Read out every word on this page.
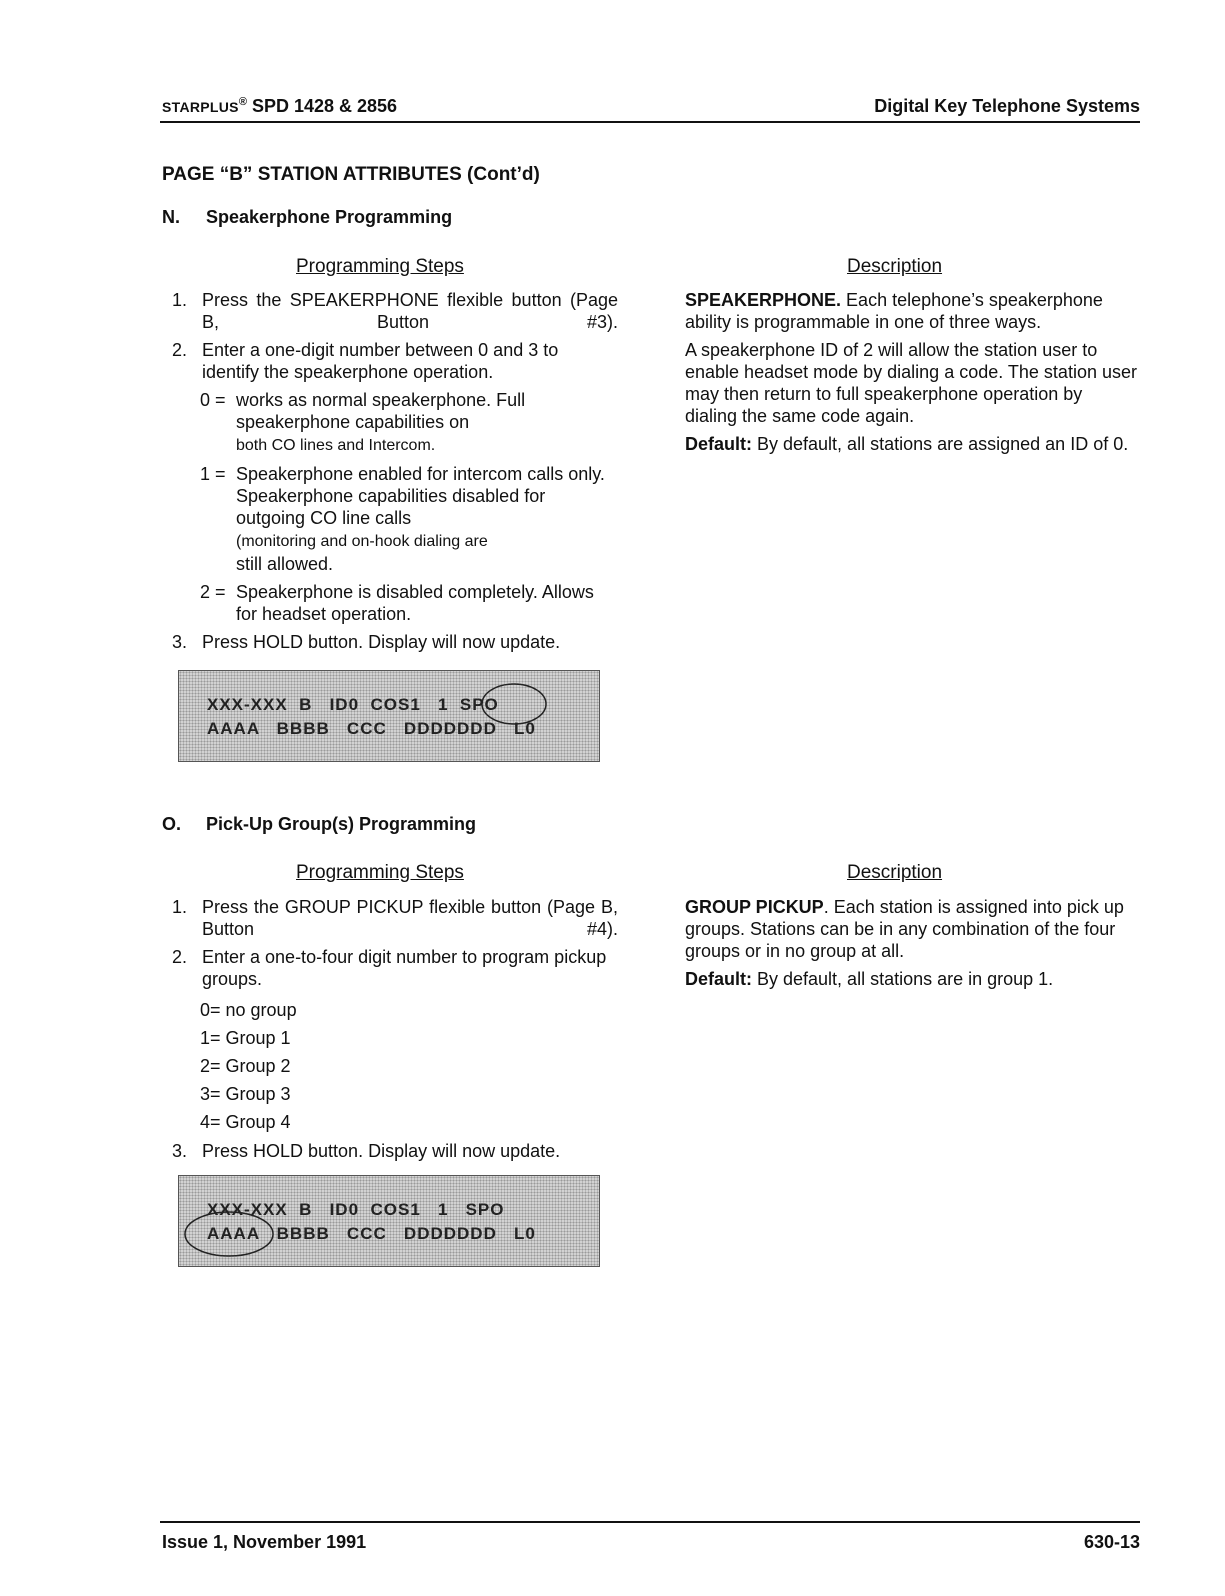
STARPLUS® SPD 1428 & 2856	Digital Key Telephone Systems
PAGE “B” STATION ATTRIBUTES (Cont’d)
N. Speakerphone Programming
Programming Steps	Description
1. Press the SPEAKERPHONE flexible button (Page B, Button #3).
2. Enter a one-digit number between 0 and 3 to identify the speakerphone operation.
0 = works as normal speakerphone. Full speakerphone capabilities on
both CO lines and Intercom.
1 = Speakerphone enabled for intercom calls only. Speakerphone capabilities disabled for outgoing CO line calls
(monitoring and on-hook dialing are
still allowed.
2 = Speakerphone is disabled completely. Allows for headset operation.
3. Press HOLD button. Display will now update.
XXX-XXX  B   ID0  COS1   1  SPO
AAAA   BBBB   CCC   DDDDDDD   L0

SPEAKERPHONE. Each telephone’s speakerphone ability is programmable in one of three ways.

A speakerphone ID of 2 will allow the station user to enable headset mode by dialing a code. The station user may then return to full speakerphone operation by dialing the same code again.

Default: By default, all stations are assigned an ID of 0.

O. Pick-Up Group(s) Programming
Programming Steps	Description
1. Press the GROUP PICKUP flexible button (Page B, Button #4).
2. Enter a one-to-four digit number to program pickup groups.
0= no group
1= Group 1
2= Group 2
3= Group 3
4= Group 4
3. Press HOLD button. Display will now update.
XXX-XXX  B   ID0  COS1   1   SPO
AAAA   BBBB   CCC   DDDDDDD   L0

GROUP PICKUP. Each station is assigned into pick up groups. Stations can be in any combination of the four groups or in no group at all.

Default: By default, all stations are in group 1.

Issue 1, November 1991	630-13
